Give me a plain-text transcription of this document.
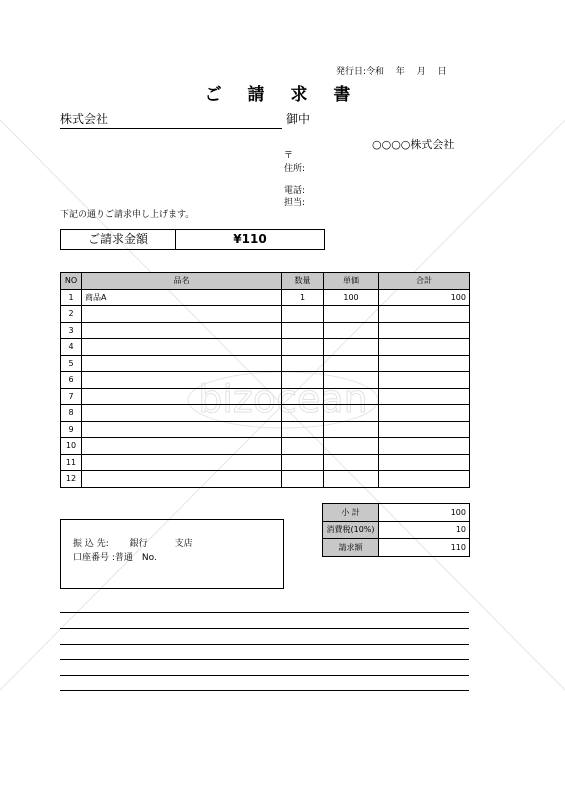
bizocean
発行日:令和　 年　 月　 日
ご 請 求 書
株式会社	御中
○○○○株式会社
〒
住所:
電話:
担当:
下記の通りご請求申し上げます。
ご請求金額	¥110
NO	品名	数量	単価	合計
1	商品A	1	100	100
2				
3				
4				
5				
6				
7				
8				
9				
10				
11				
12				
小 計	100
消費税(10%)	10
請求額	110
振 込 先:　　 銀行　　　支店
口座番号 :普通　No.
